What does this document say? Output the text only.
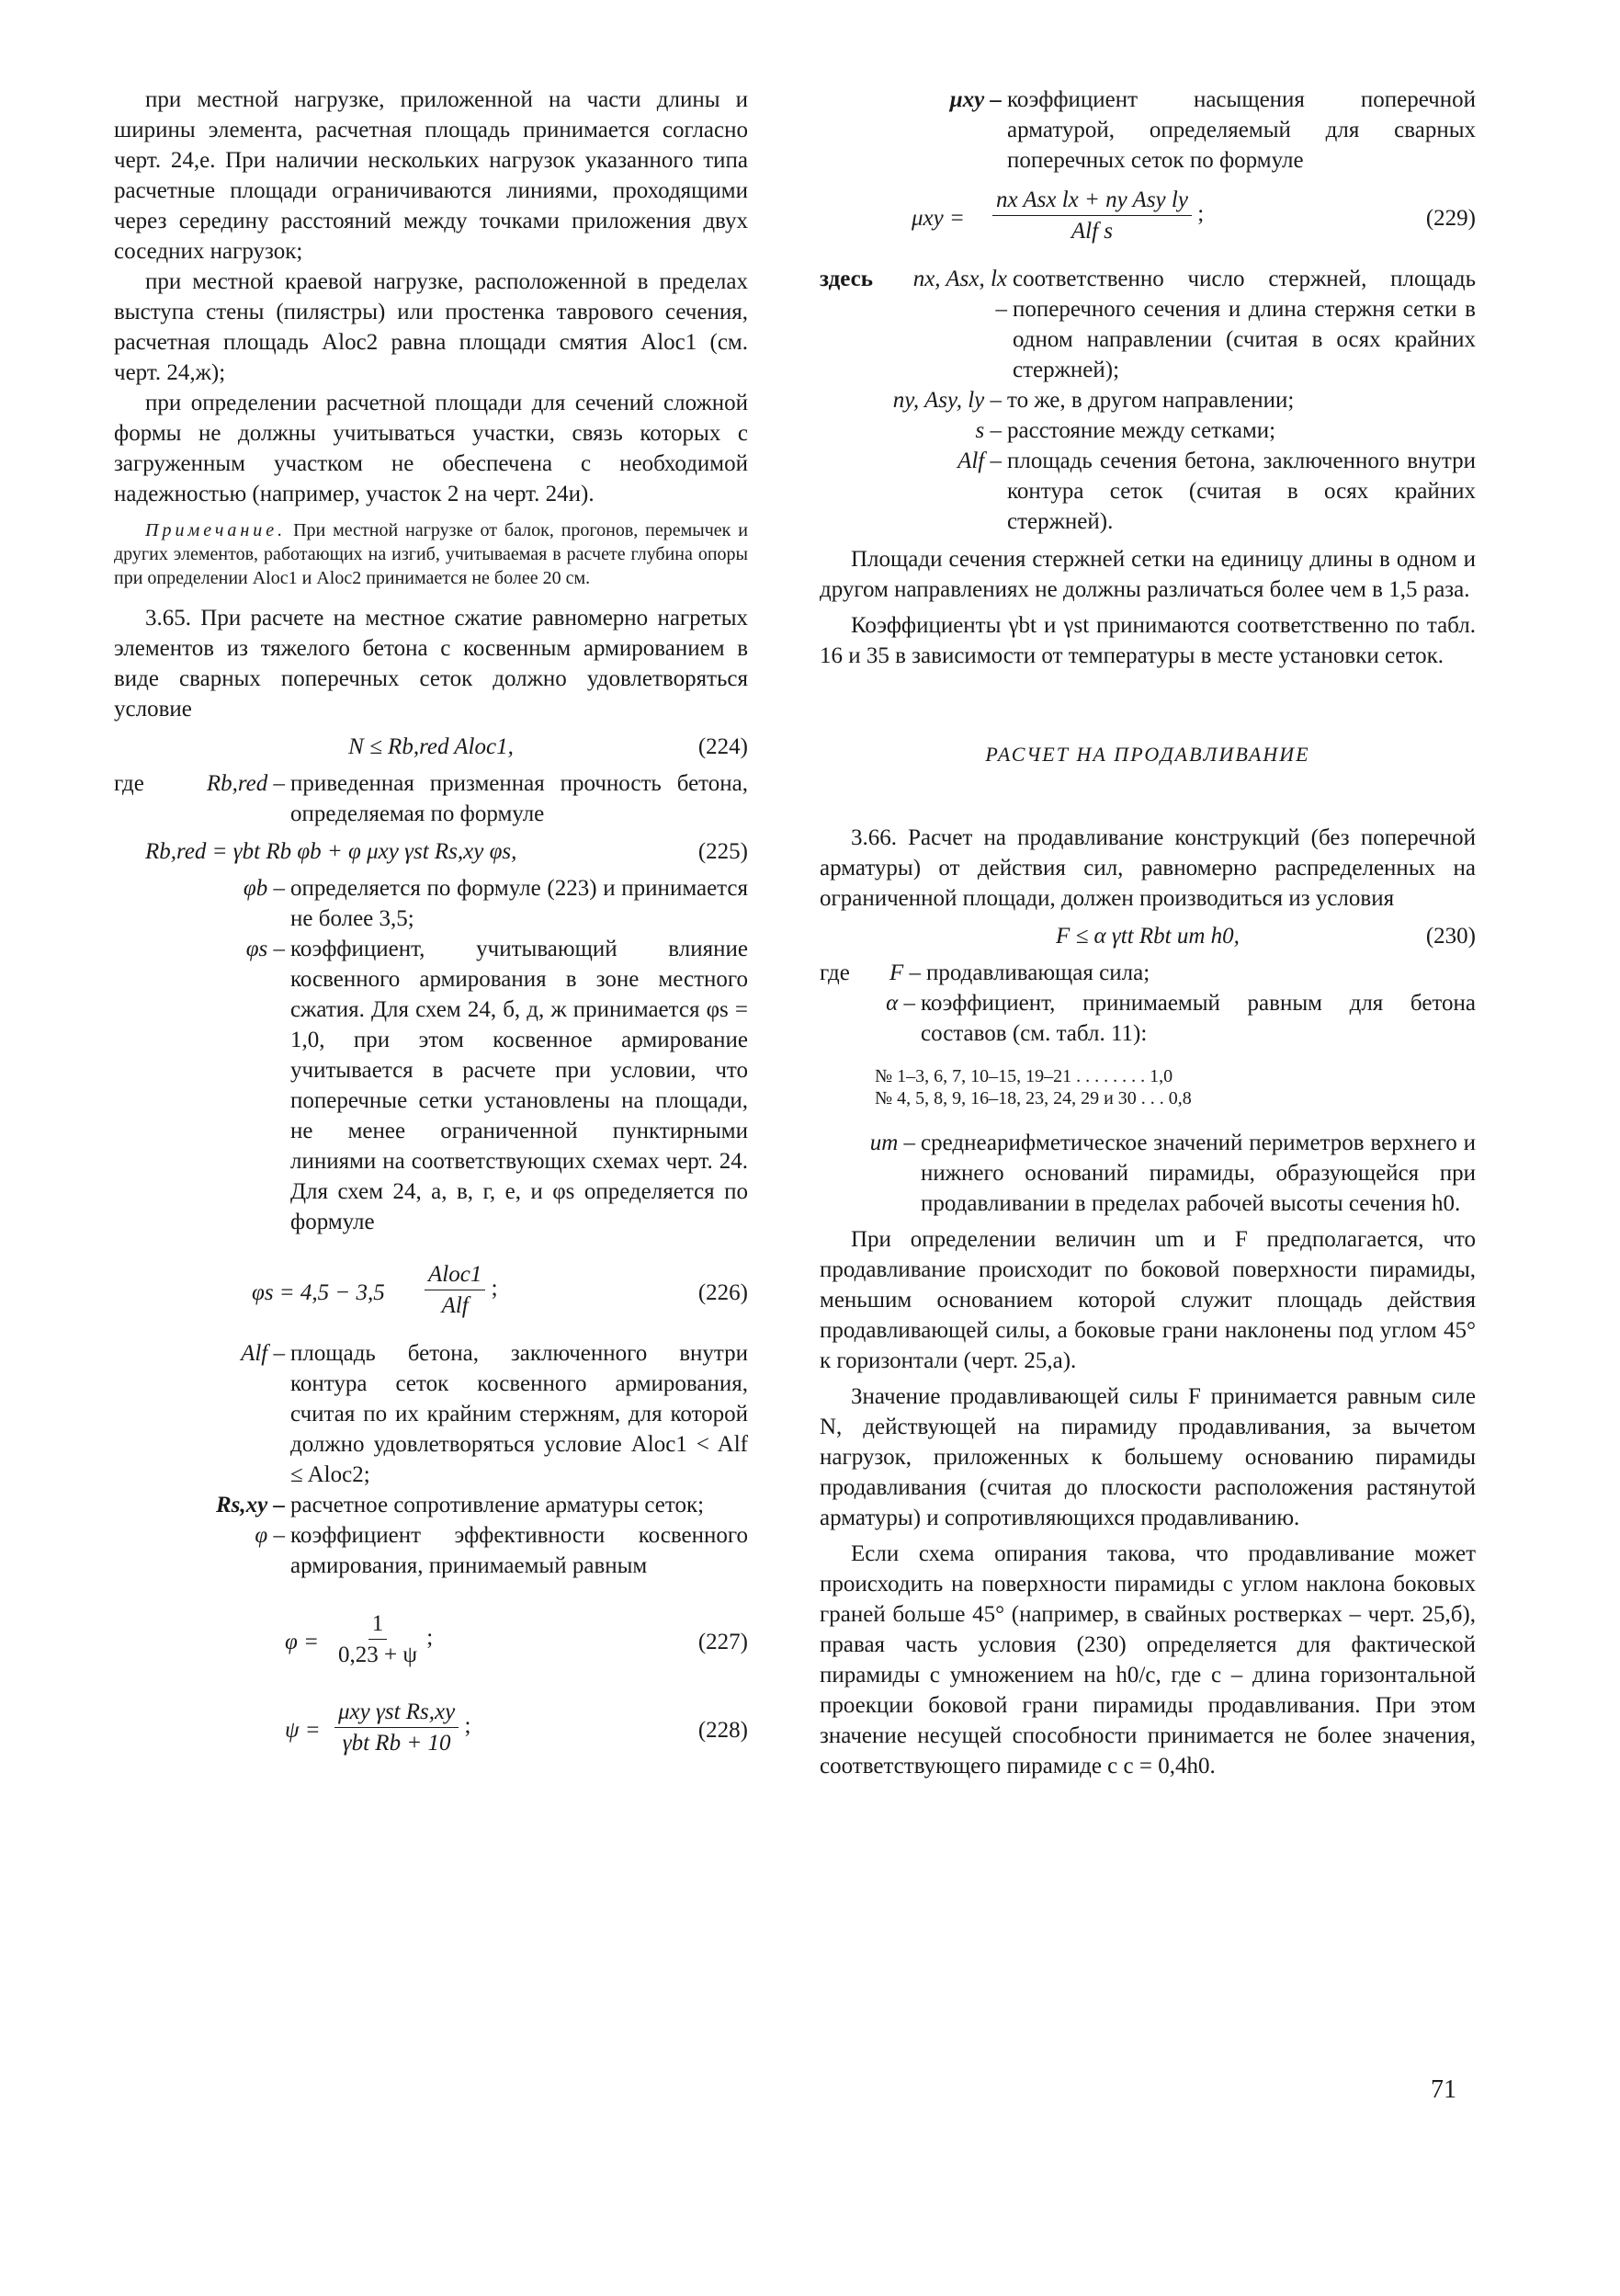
при местной нагрузке, приложенной на части длины и ширины элемента, расчетная площадь принимается согласно черт. 24,е. При наличии нескольких нагрузок указанного типа расчетные площади ограничиваются линиями, проходящими через середину расстояний между точками приложения двух соседних нагрузок;

при местной краевой нагрузке, расположенной в пределах выступа стены (пилястры) или простенка таврового сечения, расчетная площадь Aloc2 равна площади смятия Aloc1 (см. черт. 24,ж);

при определении расчетной площади для сечений сложной формы не должны учитываться участки, связь которых с загруженным участком не обеспечена с необходимой надежностью (например, участок 2 на черт. 24и).

Примечание. При местной нагрузке от балок, прогонов, перемычек и других элементов, работающих на изгиб, учитываемая в расчете глубина опоры при определении Aloc1 и Aloc2 принимается не более 20 см.

3.65. При расчете на местное сжатие равномерно нагретых элементов из тяжелого бетона с косвенным армированием в виде сварных поперечных сеток должно удовлетворяться условие

N ≤ Rb,red Aloc1,	(224)
где	Rb,red – приведенная призменная прочность бетона, определяемая по формуле
Rb,red = γbt Rb φb + φ μxy γst Rs,xy φs,	(225)
φb – определяется по формуле (223) и принимается не более 3,5;
φs – коэффициент, учитывающий влияние косвенного армирования в зоне местного сжатия. Для схем 24, б, д, ж принимается φs = 1,0, при этом косвенное армирование учитывается в расчете при условии, что поперечные сетки установлены на площади, не менее ограниченной пунктирными линиями на соответствующих схемах черт. 24. Для схем 24, а, в, г, е, и φs определяется по формуле
$\varphi s = 4,5 - 3,5 \frac{\text{Aloc1}}{\text{Alf}}$ ;	(226)
Alf – площадь бетона, заключенного внутри контура сеток косвенного армирования, считая по их крайним стержням, для которой должно удовлетворяться условие Aloc1 < Alf ≤ Aloc2;
Rs,xy – расчетное сопротивление арматуры сеток;
φ – коэффициент эффективности косвенного армирования, принимаемый равным
$\varphi = \frac{1}{0,23 + \psi}$ ;	(227)
$\psi = \frac{\text{μxy γst Rs,xy}}{\text{γbt Rb + 10}}$ ;	(228)
μxy – коэффициент насыщения поперечной арматурой, определяемый для сварных поперечных сеток по формуле
$\mu xy = \frac{\text{nx Asx lx + ny Asy ly}}{\text{Alf s}}$ ;	(229)
здесь	nx, Asx, lx –
соответственно число стержней, площадь поперечного сечения и длина стержня сетки в одном направлении (считая в осях крайних стержней);
ny, Asy, ly – то же, в другом направлении;
s – расстояние между сетками;
Alf – площадь сечения бетона, заключенного внутри контура сеток (считая в осях крайних стержней).

Площади сечения стержней сетки на единицу длины в одном и другом направлениях не должны различаться более чем в 1,5 раза.

Коэффициенты γbt и γst принимаются соответственно по табл. 16 и 35 в зависимости от температуры в месте установки сеток.

РАСЧЕТ НА ПРОДАВЛИВАНИЕ

3.66. Расчет на продавливание конструкций (без поперечной арматуры) от действия сил, равномерно распределенных на ограниченной площади, должен производиться из условия

F ≤ α γtt Rbt um h0,	(230)
где	F – продавливающая сила;
α – коэффициент, принимаемый равным для бетона составов (см. табл. 11):

№ 1–3, 6, 7, 10–15, 19–21 . . . . . . . . 1,0

№ 4, 5, 8, 9, 16–18, 23, 24, 29 и 30 . . . 0,8

um – среднеарифметическое значений периметров верхнего и нижнего оснований пирамиды, образующейся при продавливании в пределах рабочей высоты сечения h0.

При определении величин um и F предполагается, что продавливание происходит по боковой поверхности пирамиды, меньшим основанием которой служит площадь действия продавливающей силы, а боковые грани наклонены под углом 45° к горизонтали (черт. 25,а).

Значение продавливающей силы F принимается равным силе N, действующей на пирамиду продавливания, за вычетом нагрузок, приложенных к большему основанию пирамиды продавливания (считая до плоскости расположения растянутой арматуры) и сопротивляющихся продавливанию.

Если схема опирания такова, что продавливание может происходить на поверхности пирамиды с углом наклона боковых граней больше 45° (например, в свайных ростверках – черт. 25,б), правая часть условия (230) определяется для фактической пирамиды с умножением на h0/c, где c – длина горизонтальной проекции боковой грани пирамиды продавливания. При этом значение несущей способности принимается не более значения, соответствующего пирамиде с c = 0,4h0.

71
